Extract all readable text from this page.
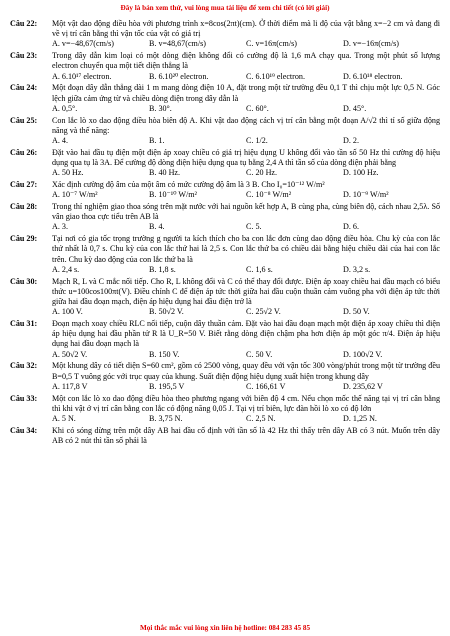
Đây là bản xem thử, vui lòng mua tài liệu để xem chi tiết (có lời giải)
Câu 22:	Một vật dao động điều hòa với phương trình x=8cos(2πt)(cm). Ở thời điểm mà li độ của vật bằng x=−2 cm và đang đi về vị trí cân bằng thì vận tốc của vật có giá trị
A. v=−48,67(cm/s)	B. v=48,67(cm/s)	C. v=16π(cm/s)	D. v=−16π(cm/s)
Câu 23:	Trong dây dẫn kim loại có một dòng điện không đổi có cường độ là 1,6 mA chạy qua. Trong một phút số lượng electron chuyển qua một tiết diện thẳng là
A. 6.10¹⁷ electron.	B. 6.10²⁰ electron.	C. 6.10¹⁹ electron.	D. 6.10¹⁸ electron.
Câu 24:	Một đoạn dây dẫn thẳng dài 1 m mang dòng điện 10 A, đặt trong một từ trường đều 0,1 T thì chịu một lực 0,5 N. Góc lệch giữa cảm ứng từ và chiều dòng điện trong dây dẫn là
A. 0,5°.	B. 30°.	C. 60°.	D. 45°.
Câu 25:	Con lắc lò xo dao động điều hòa biên độ A. Khi vật dao động cách vị trí cân bằng một đoạn A/√2 thì tỉ số giữa động năng và thế năng:
A. 4.	B. 1.	C. 1/2.	D. 2.
Câu 26:	Đặt vào hai đầu tụ điện một điện áp xoay chiều có giá trị hiệu dụng U không đổi vào tần số 50 Hz thì cường độ hiệu dụng qua tụ là 3A. Để cường độ dòng điện hiệu dụng qua tụ bằng 2,4 A thì tần số của dòng điện phải bằng
A. 50 Hz.	B. 40 Hz.	C. 20 Hz.	D. 100 Hz.
Câu 27:	Xác định cường độ âm của một âm có mức cường độ âm là 3 B. Cho I₀=10⁻¹² W/m²
A. 10⁻⁷ W/m²	B. 10⁻¹⁰ W/m²	C. 10⁻⁸ W/m²	D. 10⁻⁹ W/m²
Câu 28:	Trong thí nghiệm giao thoa sóng trên mặt nước với hai nguồn kết hợp A, B cùng pha, cùng biên độ, cách nhau 2,5λ. Số vân giao thoa cực tiểu trên AB là
A. 3.	B. 4.	C. 5.	D. 6.
Câu 29:	Tại nơi có gia tốc trọng trường g người ta kích thích cho ba con lắc đơn cùng dao động điều hòa. Chu kỳ của con lắc thứ nhất là 0,7 s. Chu kỳ của con lắc thứ hai là 2,5 s. Con lắc thứ ba có chiều dài bằng hiệu chiều dài của hai con lắc trên. Chu kỳ dao động của con lắc thứ ba là
A. 2,4 s.	B. 1,8 s.	C. 1,6 s.	D. 3,2 s.
Câu 30:	Mạch R, L và C mắc nối tiếp. Cho R, L không đổi và C có thể thay đổi được. Điện áp xoay chiều hai đầu mạch có biểu thức u=100cos100πt(V). Điều chỉnh C để điện áp tức thời giữa hai đầu cuộn thuần cảm vuông pha với điện áp tức thời giữa hai đầu đoạn mạch, điện áp hiệu dụng hai đầu điện trở là
A. 100 V.	B. 50√2 V.	C. 25√2 V.	D. 50 V.
Câu 31:	Đoạn mạch xoay chiều RLC nối tiếp, cuộn dây thuần cảm. Đặt vào hai đầu đoạn mạch một điện áp xoay chiều thì điện áp hiệu dụng hai đầu phần tử R là U_R=50 V. Biết rằng dòng điện chậm pha hơn điện áp một góc π/4. Điện áp hiệu dụng hai đầu đoạn mạch là
A. 50√2 V.	B. 150 V.	C. 50 V.	D. 100√2 V.
Câu 32:	Một khung dây có tiết diện S=60 cm², gồm có 2500 vòng, quay đều với vận tốc 300 vòng/phút trong một từ trường đều B=0,5 T vuông góc với trục quay của khung. Suất điện động hiệu dụng xuất hiện trong khung dây
A. 117,8 V	B. 195,5 V	C. 166,61 V	D. 235,62 V
Câu 33:	Một con lắc lò xo dao động điều hòa theo phương ngang với biên độ 4 cm. Nếu chọn mốc thế năng tại vị trí cân bằng thì khi vật ở vị trí cân bằng con lắc có động năng 0,05 J. Tại vị trí biên, lực đàn hồi lò xo có độ lớn
A. 5 N.	B. 3,75 N.	C. 2,5 N.	D. 1,25 N.
Câu 34:	Khi có sóng dừng trên một dây AB hai đầu cố định với tần số là 42 Hz thì thấy trên dây AB có 3 nút. Muốn trên dây AB có 2 nút thì tần số phải là
Mọi thắc mắc vui lòng xin liên hệ hotline: 084 283 45 85
